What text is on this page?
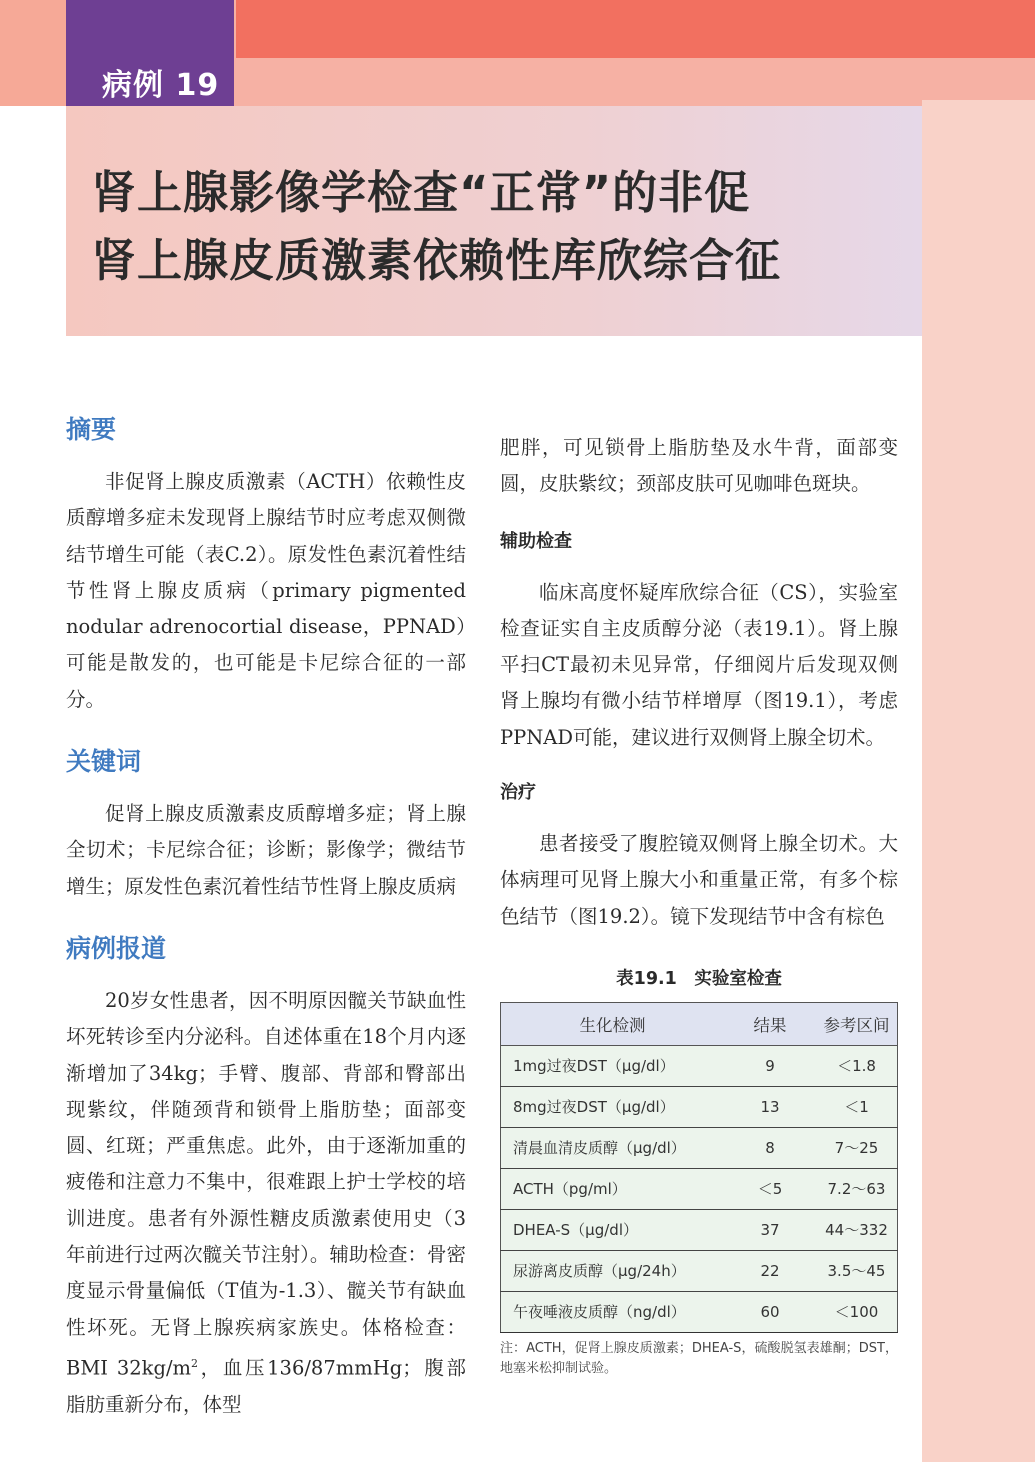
病例 19
肾上腺影像学检查“正常”的非促
肾上腺皮质激素依赖性库欣综合征
摘要

非促肾上腺皮质激素（ACTH）依赖性皮质醇增多症未发现肾上腺结节时应考虑双侧微结节增生可能（表C.2）。原发性色素沉着性结节性肾上腺皮质病（primary pigmented nodular adrenocortial disease，PPNAD）可能是散发的，也可能是卡尼综合征的一部分。

关键词

促肾上腺皮质激素皮质醇增多症；肾上腺全切术；卡尼综合征；诊断；影像学；微结节增生；原发性色素沉着性结节性肾上腺皮质病

病例报道

20岁女性患者，因不明原因髋关节缺血性坏死转诊至内分泌科。自述体重在18个月内逐渐增加了34kg；手臂、腹部、背部和臀部出现紫纹，伴随颈背和锁骨上脂肪垫；面部变圆、红斑；严重焦虑。此外，由于逐渐加重的疲倦和注意力不集中，很难跟上护士学校的培训进度。患者有外源性糖皮质激素使用史（3年前进行过两次髋关节注射）。辅助检查：骨密度显示骨量偏低（T值为-1.3）、髋关节有缺血性坏死。无肾上腺疾病家族史。体格检查：BMI $32kg/m^2$，血压136/87mmHg；腹部脂肪重新分布，体型

肥胖，可见锁骨上脂肪垫及水牛背，面部变圆，皮肤紫纹；颈部皮肤可见咖啡色斑块。

辅助检查

临床高度怀疑库欣综合征（CS），实验室检查证实自主皮质醇分泌（表19.1）。肾上腺平扫CT最初未见异常，仔细阅片后发现双侧肾上腺均有微小结节样增厚（图19.1），考虑PPNAD可能，建议进行双侧肾上腺全切术。

治疗

患者接受了腹腔镜双侧肾上腺全切术。大体病理可见肾上腺大小和重量正常，有多个棕色结节（图19.2）。镜下发现结节中含有棕色

表19.1　实验室检查
生化检测	结果	参考区间
1mg过夜DST（μg/dl）	9	＜1.8
8mg过夜DST（μg/dl）	13	＜1
清晨血清皮质醇（μg/dl）	8	7～25
ACTH（pg/ml）	＜5	7.2～63
DHEA-S（μg/dl）	37	44～332
尿游离皮质醇（μg/24h）	22	3.5～45
午夜唾液皮质醇（ng/dl）	60	＜100
注：ACTH，促肾上腺皮质激素；DHEA-S，硫酸脱氢表雄酮；DST，地塞米松抑制试验。
